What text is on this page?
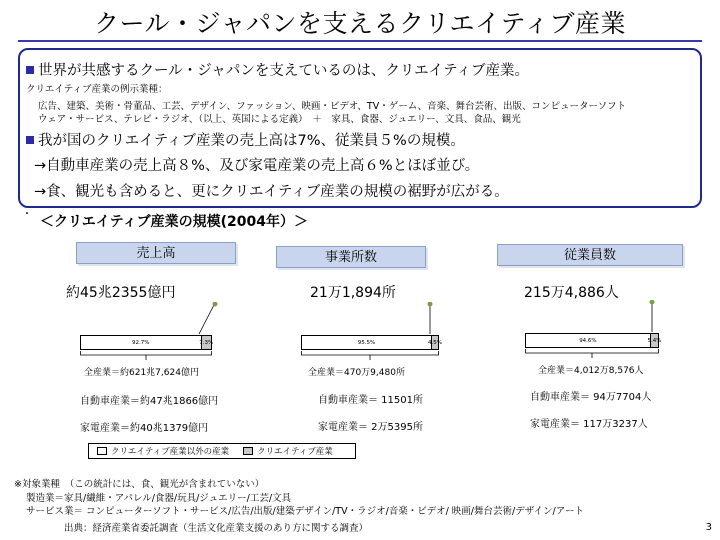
クール・ジャパンを支えるクリエイティブ産業
世界が共感するクール・ジャパンを支えているのは、クリエイティブ産業。
クリエイティブ産業の例示業種：
広告、建築、美術・骨董品、工芸、デザイン、ファッション、映画・ビデオ、TV・ゲーム、音楽、舞台芸術、出版、コンピューターソフト
ウェア・サービス、テレビ・ラジオ、（以上、英国による定義）　＋　家具、食器、ジュエリー、文具、食品、観光
我が国のクリエイティブ産業の売上高は7%、従業員５%の規模。
→自動車産業の売上高８%、及び家電産業の売上高６%とほぼ並び。
→食、観光も含めると、更にクリエイティブ産業の規模の裾野が広がる。
・ ＜クリエイティブ産業の規模(2004年）＞
売上高
約45兆2355億円
92.7%	7.3%
全産業＝約621兆7,624億円
自動車産業＝約47兆1866億円
家電産業＝約40兆1379億円
事業所数
21万1,894所
95.5%	4.5%
全産業＝470万9,480所
自動車産業＝ 11501所
家電産業＝ 2万5395所
従業員数
215万4,886人
94.6%	5.4%
全産業＝4,012万8,576人
自動車産業＝ 94万7704人
家電産業＝ 117万3237人
クリエイティブ産業以外の産業	クリエイティブ産業
※対象業種　（この統計には、食、観光が含まれていない）
製造業＝家具/繊維・アパレル/食器/玩具/ジュエリー/工芸/文具
サービス業＝ コンピューターソフト・サービス/広告/出版/建築デザイン/TV・ラジオ/音楽・ビデオ/ 映画/舞台芸術/デザイン/アート
出典：経済産業省委託調査（生活文化産業支援のあり方に関する調査）	3
